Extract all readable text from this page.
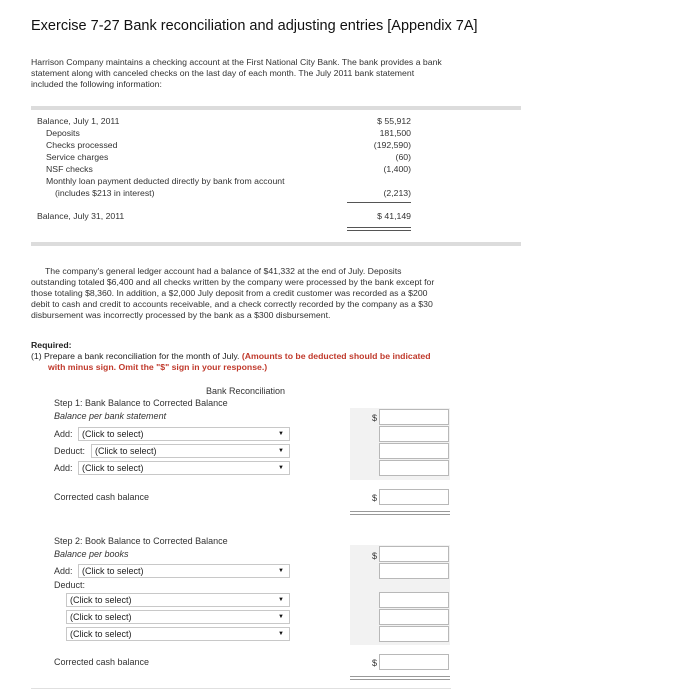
Exercise 7-27 Bank reconciliation and adjusting entries [Appendix 7A]
Harrison Company maintains a checking account at the First National City Bank. The bank provides a bank
statement along with canceled checks on the last day of each month. The July 2011 bank statement
included the following information:
Balance, July 1, 2011	$ 55,912
Deposits	181,500
Checks processed	(192,590)
Service charges	(60)
NSF checks	(1,400)
Monthly loan payment deducted directly by bank from account
(includes $213 in interest)	(2,213)
Balance, July 31, 2011	$ 41,149
The company's general ledger account had a balance of $41,332 at the end of July. Deposits
outstanding totaled $6,400 and all checks written by the company were processed by the bank except for
those totaling $8,360. In addition, a $2,000 July deposit from a credit customer was recorded as a $200
debit to cash and credit to accounts receivable, and a check correctly recorded by the company as a $30
disbursement was incorrectly processed by the bank as a $300 disbursement.
Required:
(1) Prepare a bank reconciliation for the month of July. (Amounts to be deducted should be indicated
with minus sign. Omit the "$" sign in your response.)
Bank Reconciliation
Step 1: Bank Balance to Corrected Balance
Balance per bank statement	$
Add:	(Click to select)	▼
Deduct:	(Click to select)	▼
Add:	(Click to select)	▼
Corrected cash balance	$
Step 2: Book Balance to Corrected Balance
Balance per books	$
Add:	(Click to select)	▼
Deduct:
(Click to select)	▼
(Click to select)	▼
(Click to select)	▼
Corrected cash balance	$
